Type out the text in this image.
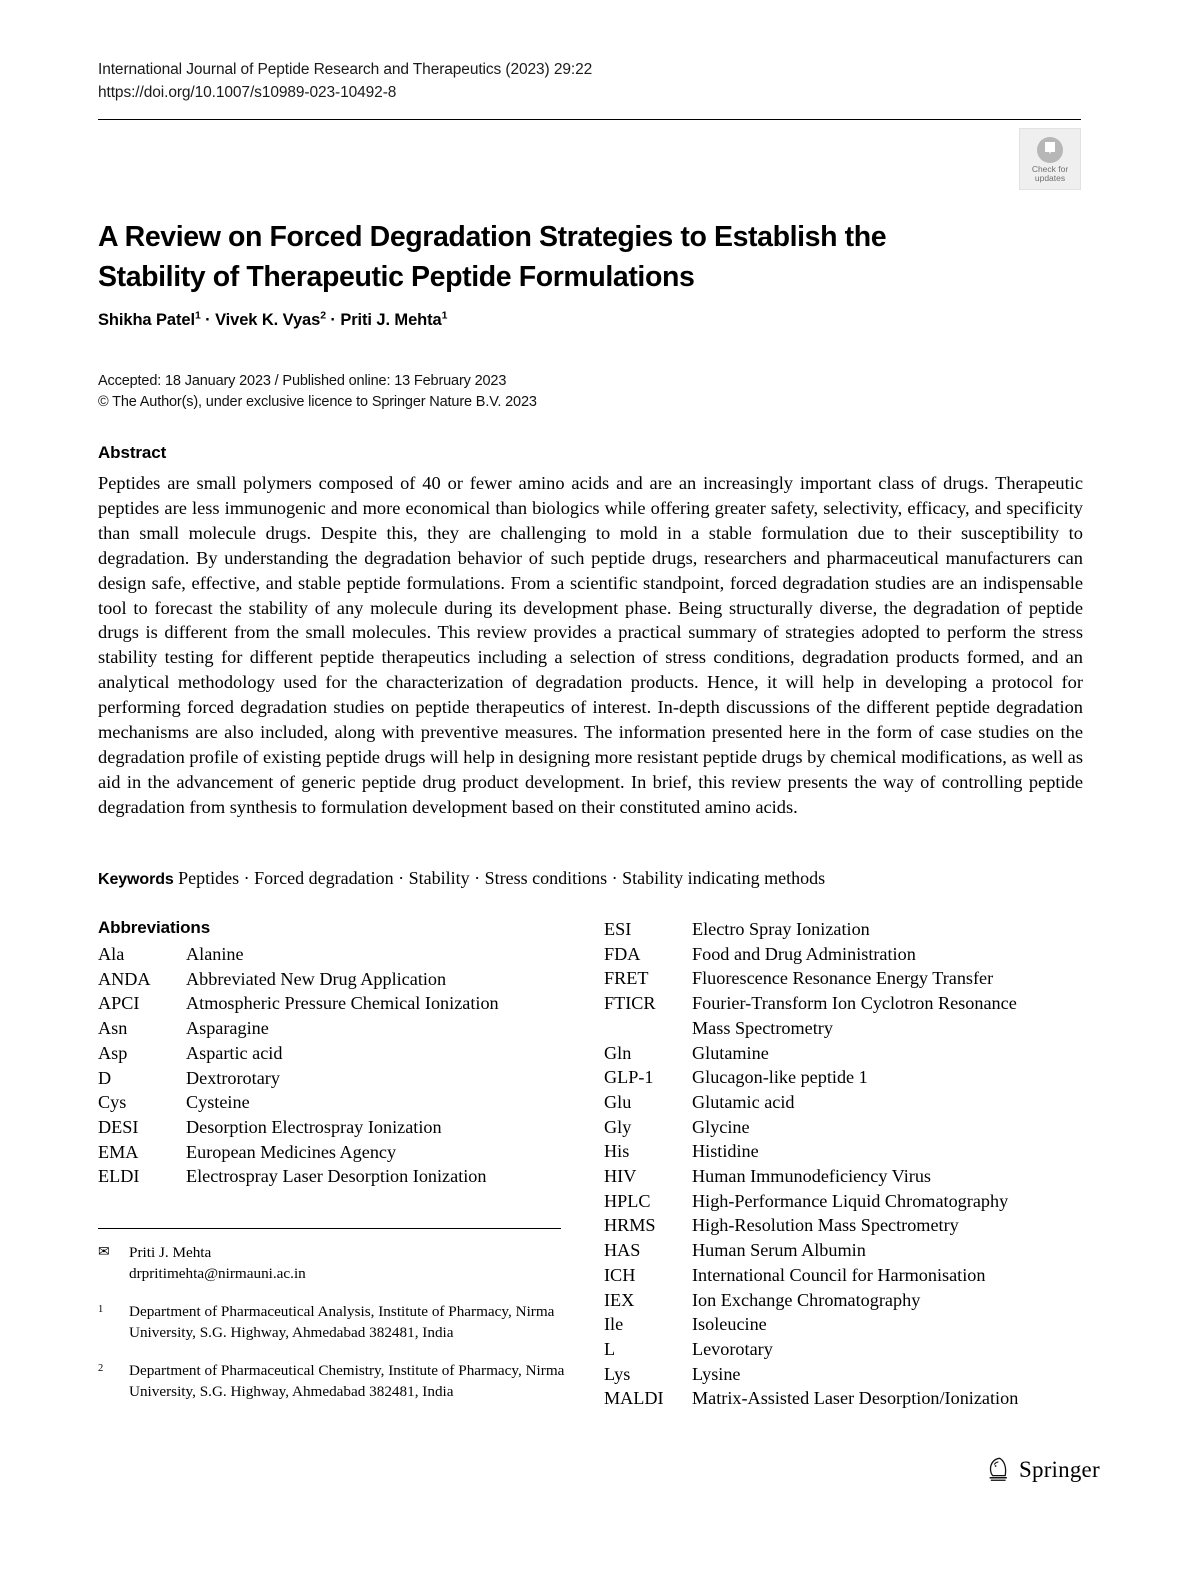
International Journal of Peptide Research and Therapeutics (2023) 29:22
https://doi.org/10.1007/s10989-023-10492-8
Check for
updates
A Review on Forced Degradation Strategies to Establish the Stability of Therapeutic Peptide Formulations
Shikha Patel$^1$ · Vivek K. Vyas$^2$ · Priti J. Mehta$^1$
Accepted: 18 January 2023 / Published online: 13 February 2023
© The Author(s), under exclusive licence to Springer Nature B.V. 2023
Abstract
Peptides are small polymers composed of 40 or fewer amino acids and are an increasingly important class of drugs. Therapeutic peptides are less immunogenic and more economical than biologics while offering greater safety, selectivity, efficacy, and specificity than small molecule drugs. Despite this, they are challenging to mold in a stable formulation due to their susceptibility to degradation. By understanding the degradation behavior of such peptide drugs, researchers and pharmaceutical manufacturers can design safe, effective, and stable peptide formulations. From a scientific standpoint, forced degradation studies are an indispensable tool to forecast the stability of any molecule during its development phase. Being structurally diverse, the degradation of peptide drugs is different from the small molecules. This review provides a practical summary of strategies adopted to perform the stress stability testing for different peptide therapeutics including a selection of stress conditions, degradation products formed, and an analytical methodology used for the characterization of degradation products. Hence, it will help in developing a protocol for performing forced degradation studies on peptide therapeutics of interest. In-depth discussions of the different peptide degradation mechanisms are also included, along with preventive measures. The information presented here in the form of case studies on the degradation profile of existing peptide drugs will help in designing more resistant peptide drugs by chemical modifications, as well as aid in the advancement of generic peptide drug product development. In brief, this review presents the way of controlling peptide degradation from synthesis to formulation development based on their constituted amino acids.
Keywords Peptides · Forced degradation · Stability · Stress conditions · Stability indicating methods
Abbreviations
Ala	Alanine
ANDA	Abbreviated New Drug Application
APCI	Atmospheric Pressure Chemical Ionization
Asn	Asparagine
Asp	Aspartic acid
D	Dextrorotary
Cys	Cysteine
DESI	Desorption Electrospray Ionization
EMA	European Medicines Agency
ELDI	Electrospray Laser Desorption Ionization
ESI	Electro Spray Ionization
FDA	Food and Drug Administration
FRET	Fluorescence Resonance Energy Transfer
FTICR	Fourier-Transform Ion Cyclotron Resonance
Mass Spectrometry
Gln	Glutamine
GLP-1	Glucagon-like peptide 1
Glu	Glutamic acid
Gly	Glycine
His	Histidine
HIV	Human Immunodeficiency Virus
HPLC	High-Performance Liquid Chromatography
HRMS	High-Resolution Mass Spectrometry
HAS	Human Serum Albumin
ICH	International Council for Harmonisation
IEX	Ion Exchange Chromatography
Ile	Isoleucine
L	Levorotary
Lys	Lysine
MALDI	Matrix-Assisted Laser Desorption/Ionization
✉	Priti J. Mehta
drpritimehta@nirmauni.ac.in
1	Department of Pharmaceutical Analysis, Institute of Pharmacy, Nirma University, S.G. Highway, Ahmedabad 382481, India
2	Department of Pharmaceutical Chemistry, Institute of Pharmacy, Nirma University, S.G. Highway, Ahmedabad 382481, India
Springer
